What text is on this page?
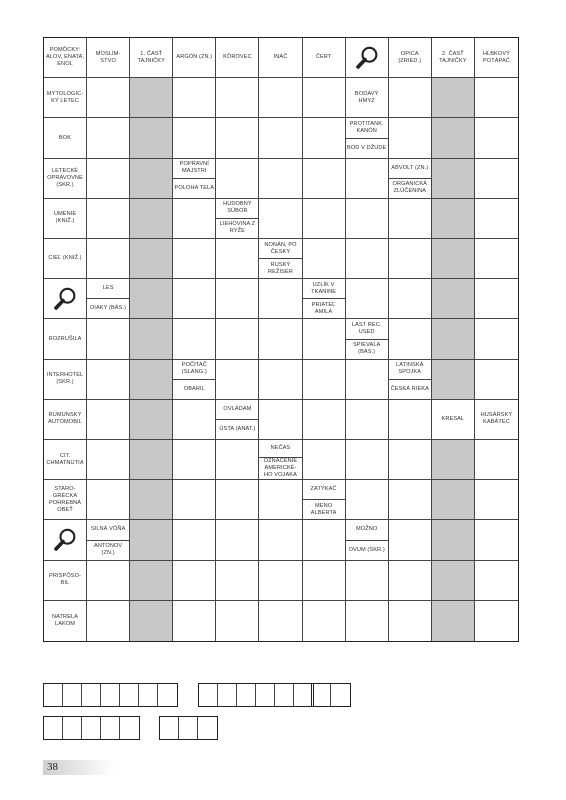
POMÔCKY: ALOV, ENATA, ENOL
MOSLIM-STVO
1. ČASŤ TAJNIČKY
ARGÓN (ZN.) KÔROVEC	INÁČ	ČERT
OPICA (ZRIED.)
2. ČASŤ TAJNIČKY
HĹBKOVÝ POTÁPAČ
MYTOLOGIC-KÝ LETEC
BODAVÝ HMYZ
BOK
PROTITANK. KANÓN
BOD V DŽUDE
LETECKÉ OPRAVOVNE (SKR.)
POPRAVNÍ MAJSTRI
POLOHA TELA
ABVOLT (ZN.)
ORGANICKÁ ZLÚČENINA
UMENIE (KNIŽ.)
HUDOBNÝ SÚBOR
LIEHOVINA Z RYŽE
CIEĽ (KNIŽ.)
NONÁN, PO ČESKY
RUSKÝ REŽISÉR
LES
DIAKY (BÁS.)
UZLÍK V TKANINE
PRIATEĽ AMILA
ROZRUŠILA
LAST REC. USED
SPIEVALA (BÁS.)
INTERHOTEL (SKR.)
POČÍTAČ (SLANG.)
OBARIL
LATINSKÁ SPOJKA
ČESKÁ RIEKA
RUMUNSKÝ AUTOMOBIL
OVLÁDAM
ÚSTA (ANAT.)
KRESAL
HUSÁRSKY KABÁTEC
CIT. CHMATNUTIA
NEČAS
OZNAČENIE AMERICKÉ-HO VOJAKA
STARO-GRÉCKA POHREBNÁ OBEŤ
ZATÝKAČ
MENO ALBERTA
SILNÁ VÔŇA
ANTONOV (ZN.)
MOŽNO
OVUM (SKR.)
PRISPÔSO-BIL
NATRELA LAKOM
38
